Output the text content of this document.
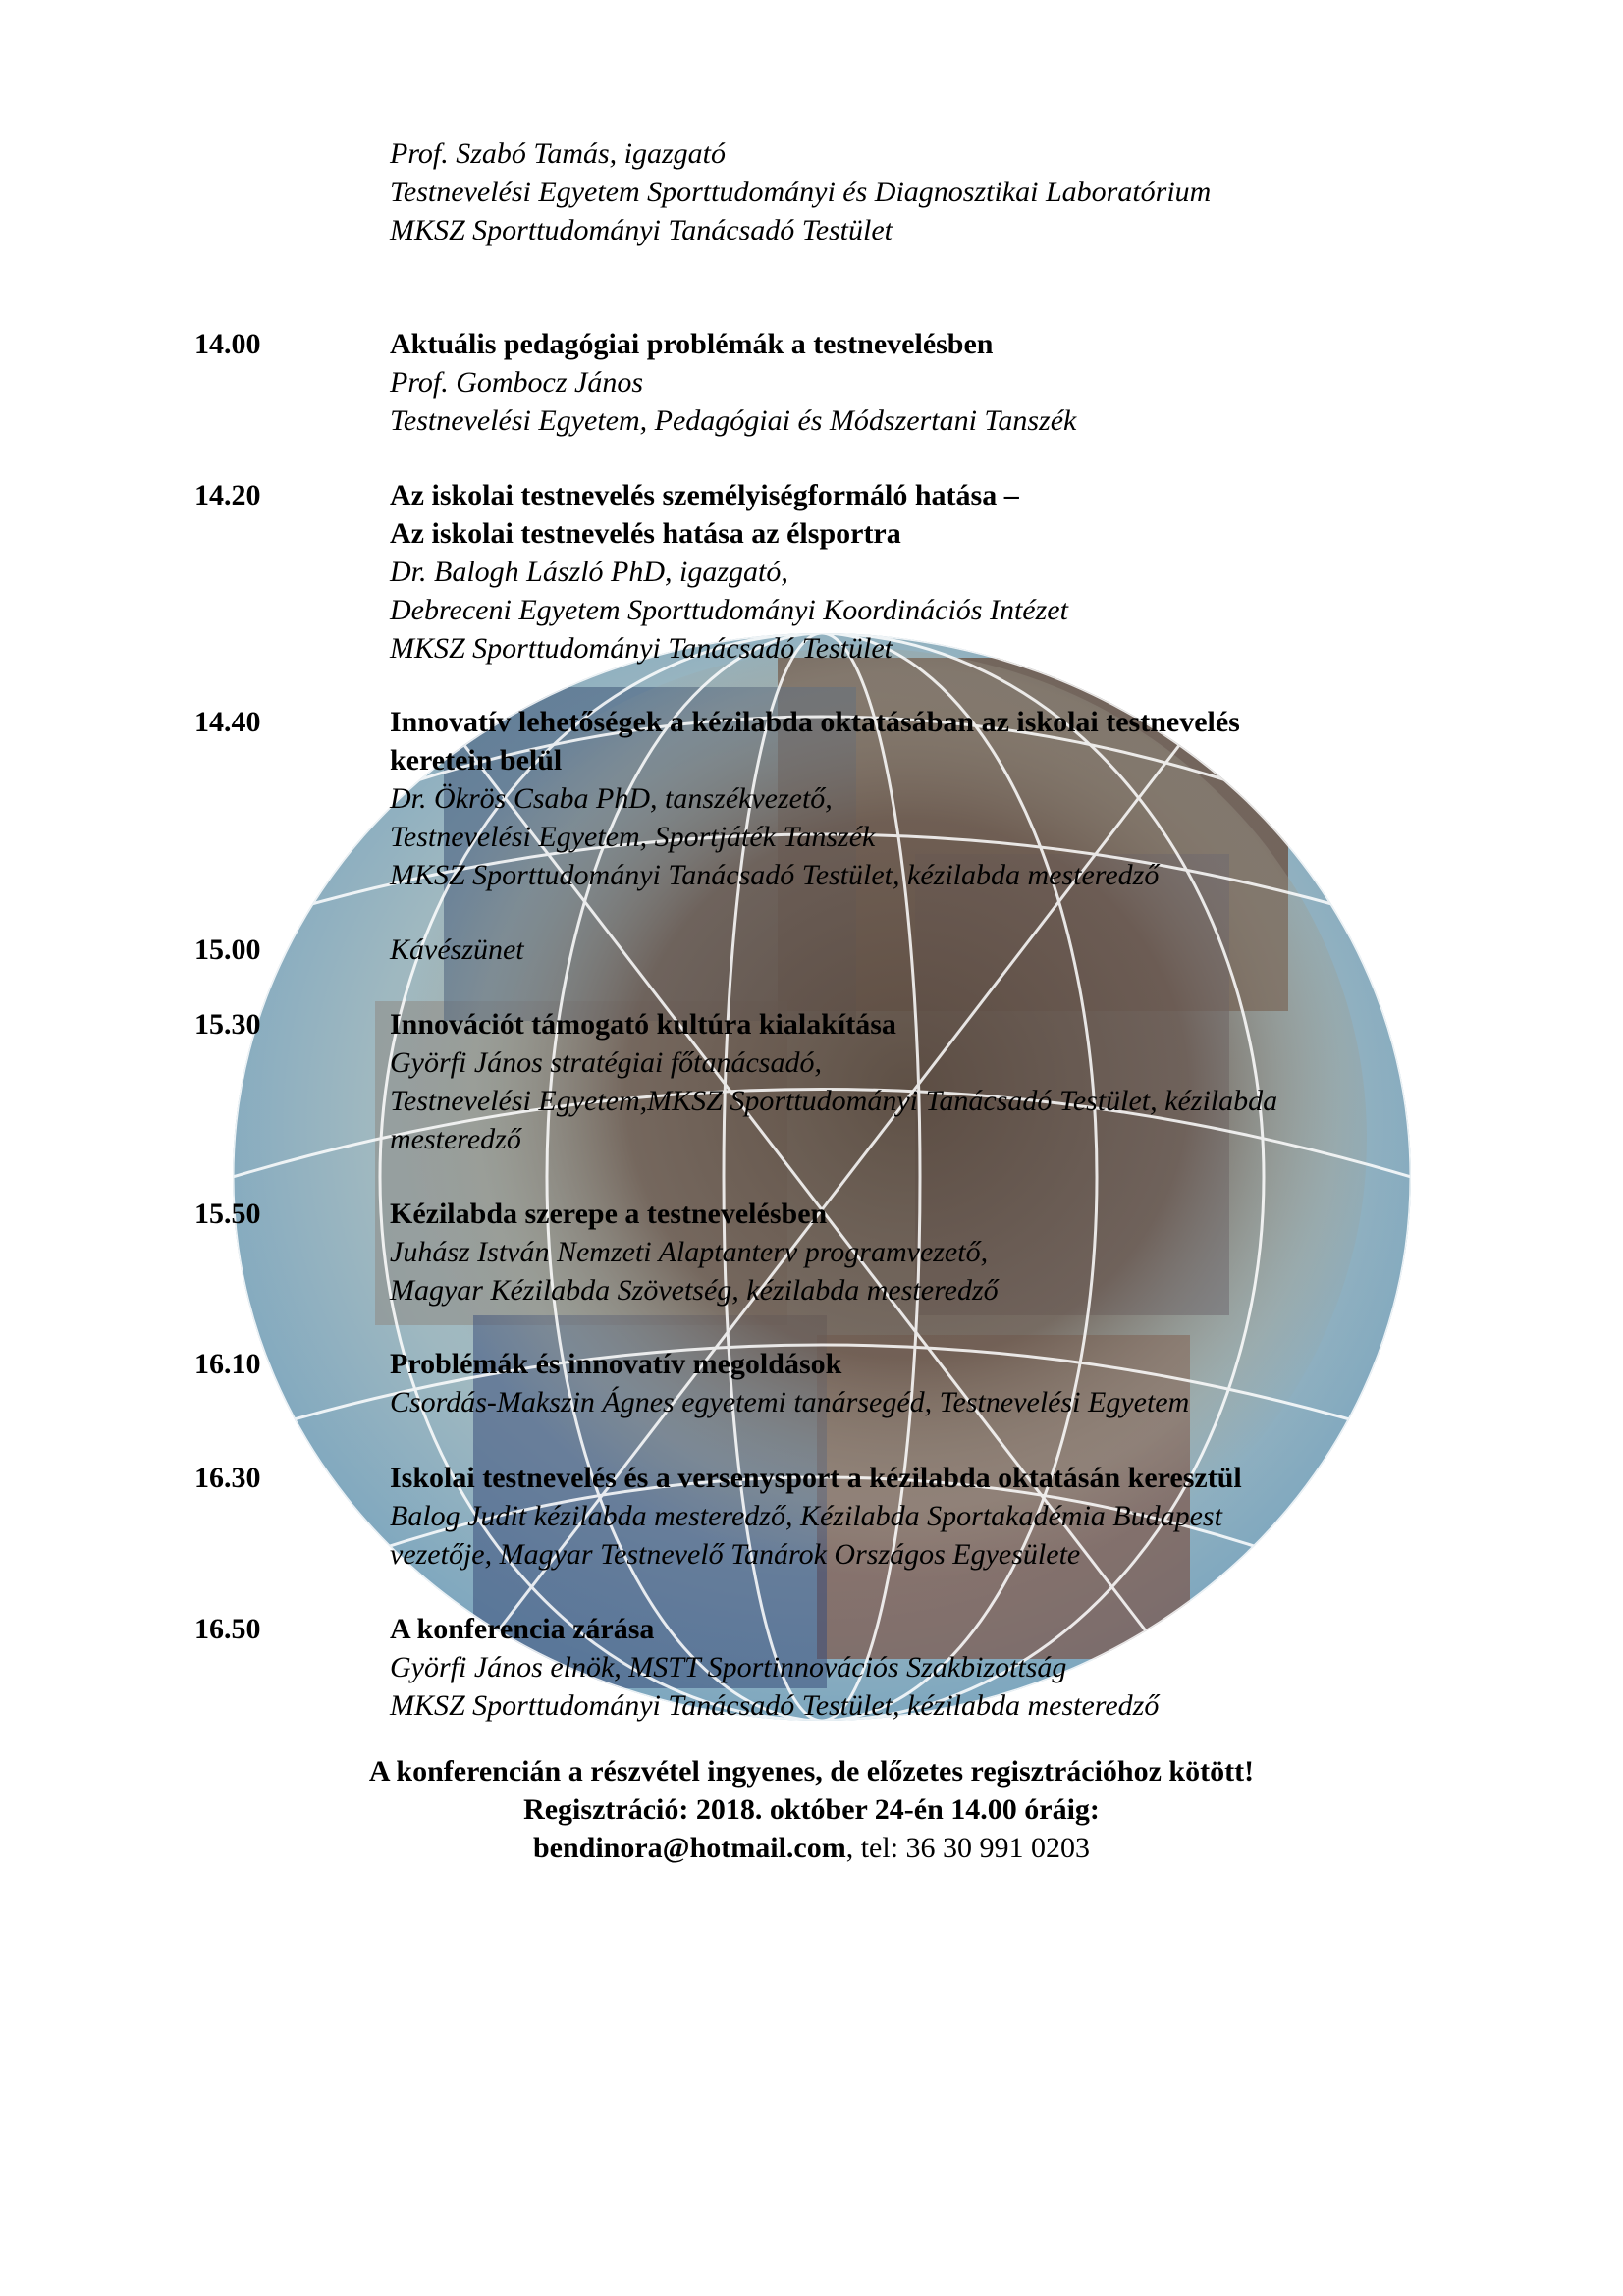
Prof. Szabó Tamás, igazgató
Testnevelési Egyetem Sporttudományi és Diagnosztikai Laboratórium
MKSZ Sporttudományi Tanácsadó Testület
14.00	Aktuális pedagógiai problémák a testnevelésben
Prof. Gombocz János
Testnevelési Egyetem, Pedagógiai és Módszertani Tanszék
14.20	Az iskolai testnevelés személyiségformáló hatása –
Az iskolai testnevelés hatása az élsportra
Dr. Balogh László PhD, igazgató,
Debreceni Egyetem Sporttudományi Koordinációs Intézet
MKSZ Sporttudományi Tanácsadó Testület
14.40	Innovatív lehetőségek a kézilabda oktatásában az iskolai testnevelés
keretein belül
Dr. Ökrös Csaba PhD, tanszékvezető,
Testnevelési Egyetem, Sportjáték Tanszék
MKSZ Sporttudományi Tanácsadó Testület, kézilabda mesteredző
15.00	Kávészünet
15.30	Innovációt támogató kultúra kialakítása
Györfi János stratégiai főtanácsadó,
Testnevelési Egyetem,MKSZ Sporttudományi Tanácsadó Testület, kézilabda
mesteredző
15.50	Kézilabda szerepe a testnevelésben
Juhász István Nemzeti Alaptanterv programvezető,
Magyar Kézilabda Szövetség, kézilabda mesteredző
16.10	Problémák és innovatív megoldások
Csordás-Makszin Ágnes egyetemi tanársegéd, Testnevelési Egyetem
16.30	Iskolai testnevelés és a versenysport a kézilabda oktatásán keresztül
Balog Judit kézilabda mesteredző, Kézilabda Sportakadémia Budapest
vezetője, Magyar Testnevelő Tanárok Országos Egyesülete
16.50	A konferencia zárása
Györfi János elnök, MSTT Sportinnovációs Szakbizottság
MKSZ Sporttudományi Tanácsadó Testület, kézilabda mesteredző
A konferencián a részvétel ingyenes, de előzetes regisztrációhoz kötött!
Regisztráció: 2018. október 24-én 14.00 óráig:
bendinora@hotmail.com, tel: 36 30 991 0203
